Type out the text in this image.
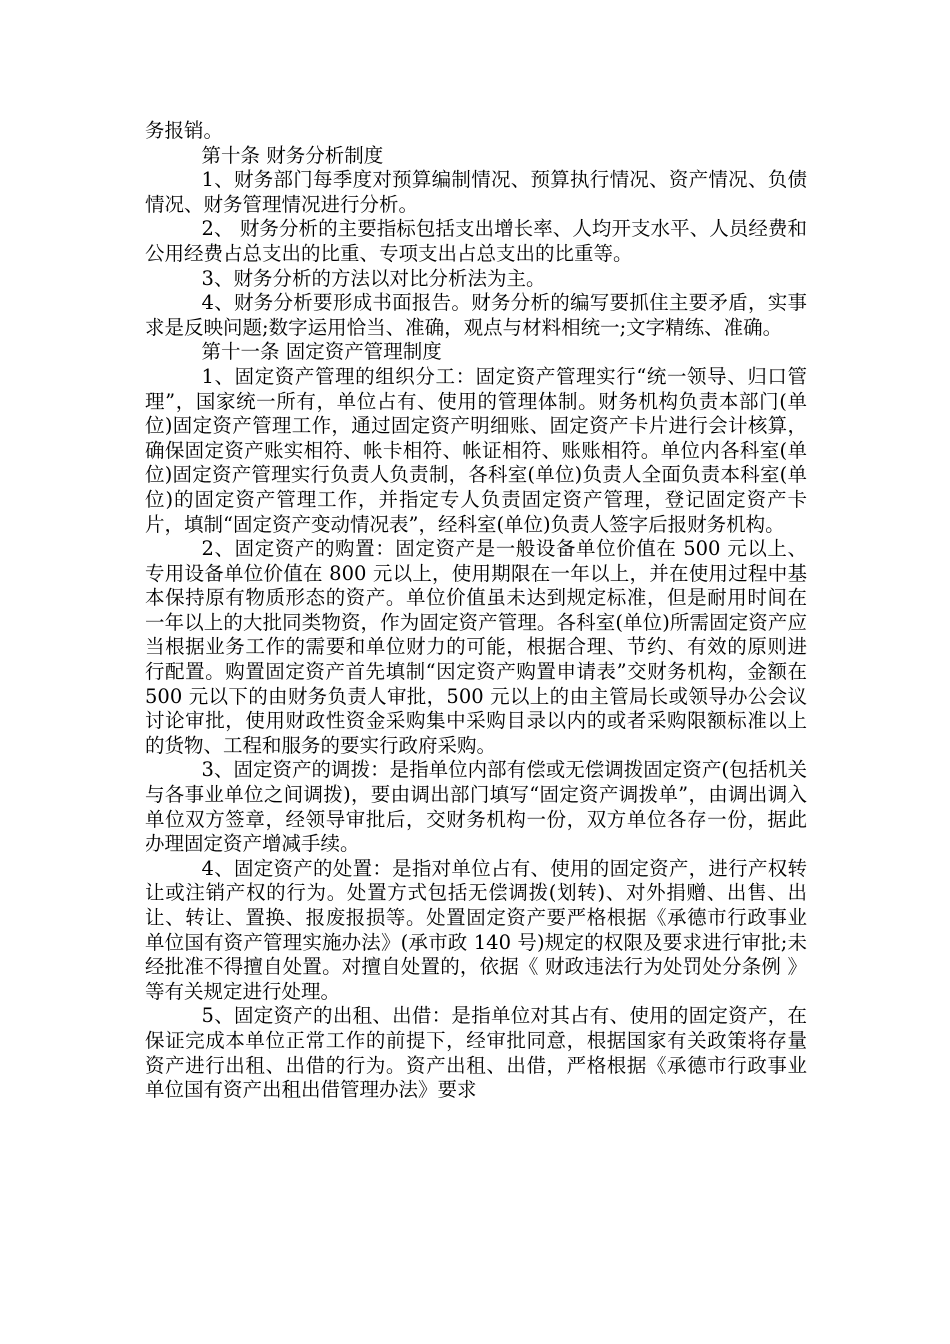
务报销。

第十条 财务分析制度

1、财务部门每季度对预算编制情况、预算执行情况、资产情况、负债情况、财务管理情况进行分析。

2、 财务分析的主要指标包括支出增长率、人均开支水平、人员经费和公用经费占总支出的比重、专项支出占总支出的比重等。

3、财务分析的方法以对比分析法为主。

4、财务分析要形成书面报告。财务分析的编写要抓住主要矛盾，实事求是反映问题;数字运用恰当、准确，观点与材料相统一;文字精练、准确。

第十一条 固定资产管理制度

1、固定资产管理的组织分工：固定资产管理实行“统一领导、归口管理”，国家统一所有，单位占有、使用的管理体制。财务机构负责本部门(单位)固定资产管理工作，通过固定资产明细账、固定资产卡片进行会计核算，确保固定资产账实相符、帐卡相符、帐证相符、账账相符。单位内各科室(单位)固定资产管理实行负责人负责制，各科室(单位)负责人全面负责本科室(单位)的固定资产管理工作，并指定专人负责固定资产管理，登记固定资产卡片，填制“固定资产变动情况表”，经科室(单位)负责人签字后报财务机构。

2、固定资产的购置：固定资产是一般设备单位价值在 500 元以上、专用设备单位价值在 800 元以上，使用期限在一年以上，并在使用过程中基本保持原有物质形态的资产。单位价值虽未达到规定标准，但是耐用时间在一年以上的大批同类物资，作为固定资产管理。各科室(单位)所需固定资产应当根据业务工作的需要和单位财力的可能，根据合理、节约、有效的原则进行配置。购置固定资产首先填制“因定资产购置申请表”交财务机构，金额在 500 元以下的由财务负责人审批，500 元以上的由主管局长或领导办公会议讨论审批，使用财政性资金采购集中采购目录以内的或者采购限额标准以上的货物、工程和服务的要实行政府采购。

3、固定资产的调拨：是指单位内部有偿或无偿调拨固定资产(包括机关与各事业单位之间调拨)，要由调出部门填写“固定资产调拨单”，由调出调入单位双方签章，经领导审批后，交财务机构一份，双方单位各存一份，据此办理固定资产增减手续。

4、固定资产的处置：是指对单位占有、使用的固定资产，进行产权转让或注销产权的行为。处置方式包括无偿调拨(划转)、对外捐赠、出售、出让、转让、置换、报废报损等。处置固定资产要严格根据《承德市行政事业单位国有资产管理实施办法》(承市政 140 号)规定的权限及要求进行审批;未经批准不得擅自处置。对擅自处置的，依据《 财政违法行为处罚处分条例 》等有关规定进行处理。

5、固定资产的出租、出借：是指单位对其占有、使用的固定资产，在保证完成本单位正常工作的前提下，经审批同意，根据国家有关政策将存量资产进行出租、出借的行为。资产出租、出借，严格根据《承德市行政事业单位国有资产出租出借管理办法》要求
